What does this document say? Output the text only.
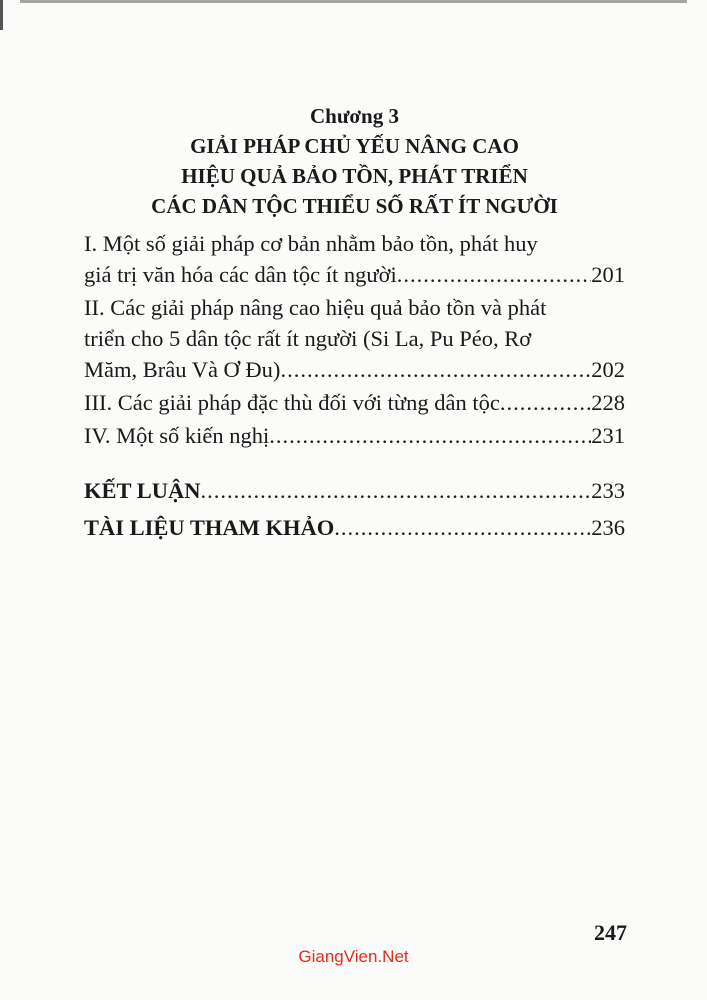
Chương 3
GIẢI PHÁP CHỦ YẾU NÂNG CAO
HIỆU QUẢ BẢO TỒN, PHÁT TRIỂN
CÁC DÂN TỘC THIỂU SỐ RẤT ÍT NGƯỜI
I. Một số giải pháp cơ bản nhằm bảo tồn, phát huy
giá trị văn hóa các dân tộc ít người .....	201
II. Các giải pháp nâng cao hiệu quả bảo tồn và phát
triển cho 5 dân tộc rất ít người (Si La, Pu Péo, Rơ
Măm, Brâu Và Ơ Đu) .....	202
III. Các giải pháp đặc thù đối với từng dân tộc .....	228
IV. Một số kiến nghị .....	231
KẾT LUẬN .....	233
TÀI LIỆU THAM KHẢO .....	236
247
GiangVien.Net
